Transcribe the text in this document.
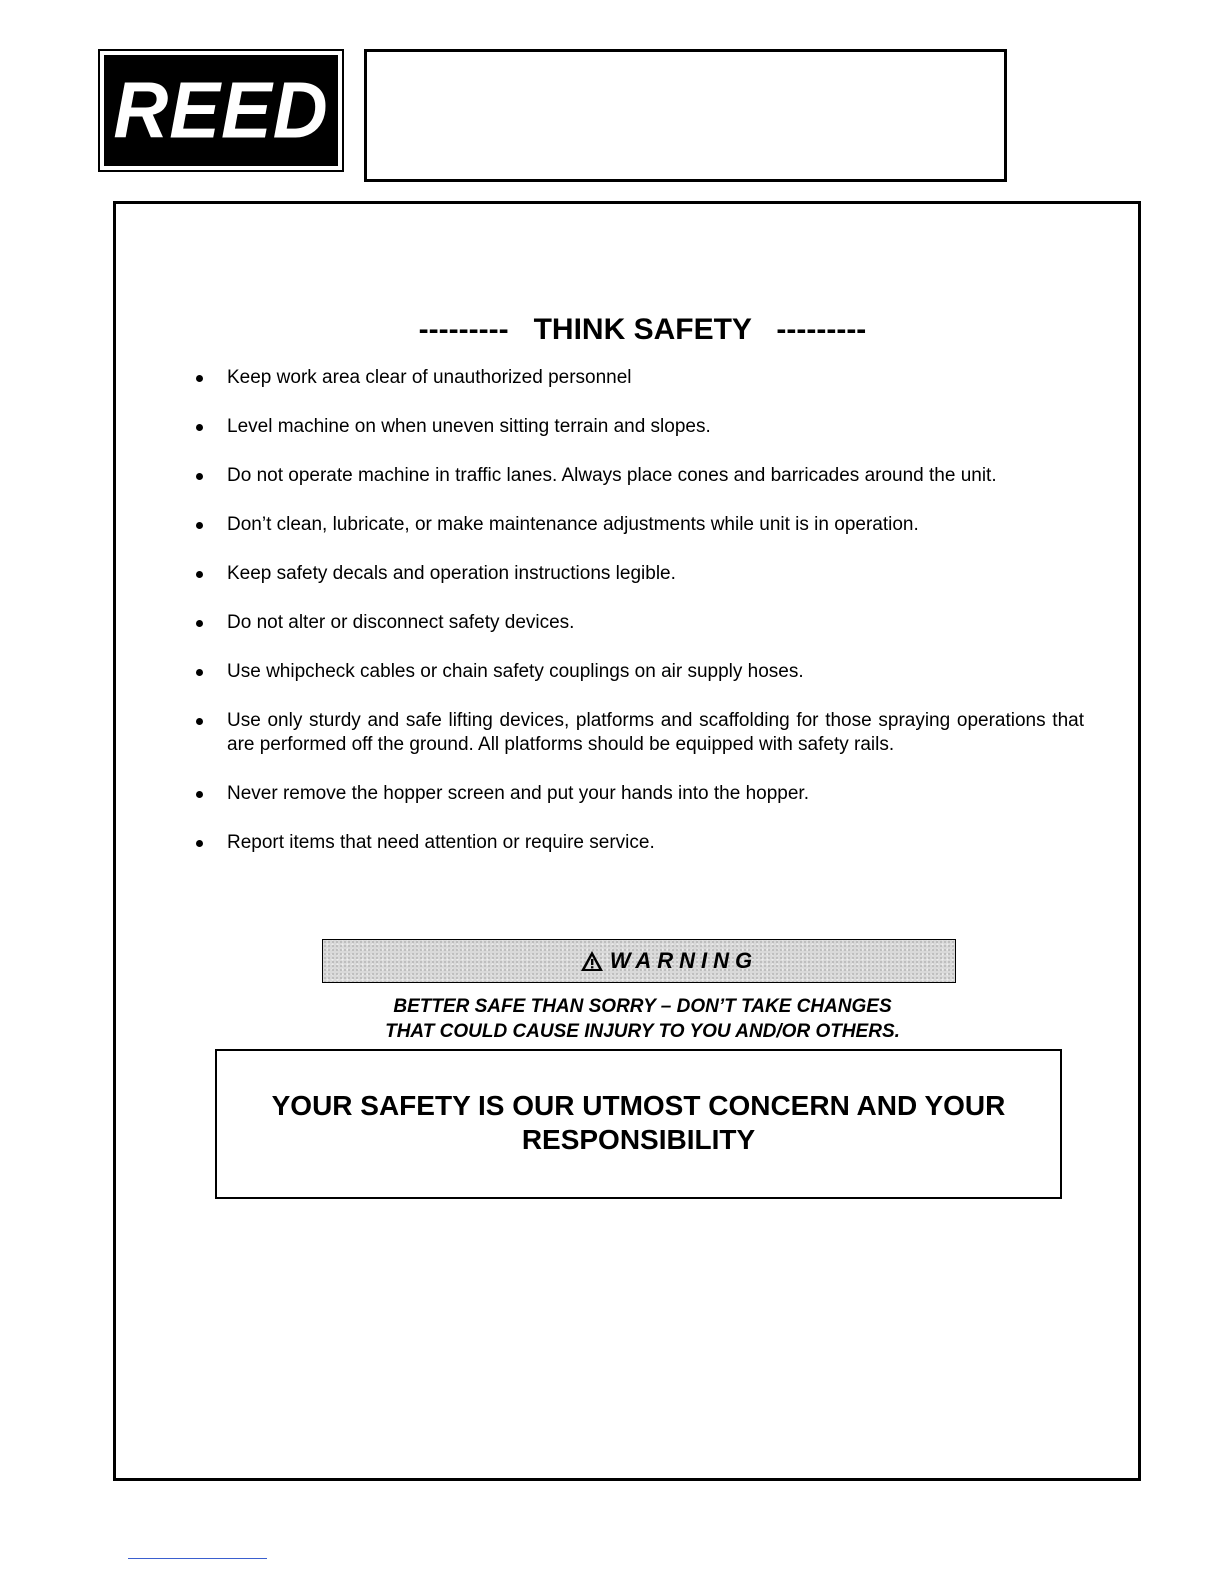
REED
---------   THINK SAFETY   ---------
Keep work area clear of unauthorized personnel
Level machine on when uneven sitting terrain and slopes.
Do not operate machine in traffic lanes. Always place cones and barricades around the unit.
Don’t clean, lubricate, or make maintenance adjustments while unit is in operation.
Keep safety decals and operation instructions legible.
Do not alter or disconnect safety devices.
Use whipcheck cables or chain safety couplings on air supply hoses.
Use only sturdy and safe lifting devices, platforms and scaffolding for those spraying operations that are performed off the ground. All platforms should be equipped with safety rails.
Never remove the hopper screen and put your hands into the hopper.
Report items that need attention or require service.
WARNING
BETTER SAFE THAN SORRY – DON’T TAKE CHANGES
THAT COULD CAUSE INJURY TO YOU AND/OR OTHERS.
YOUR SAFETY IS OUR UTMOST CONCERN AND YOUR RESPONSIBILITY
